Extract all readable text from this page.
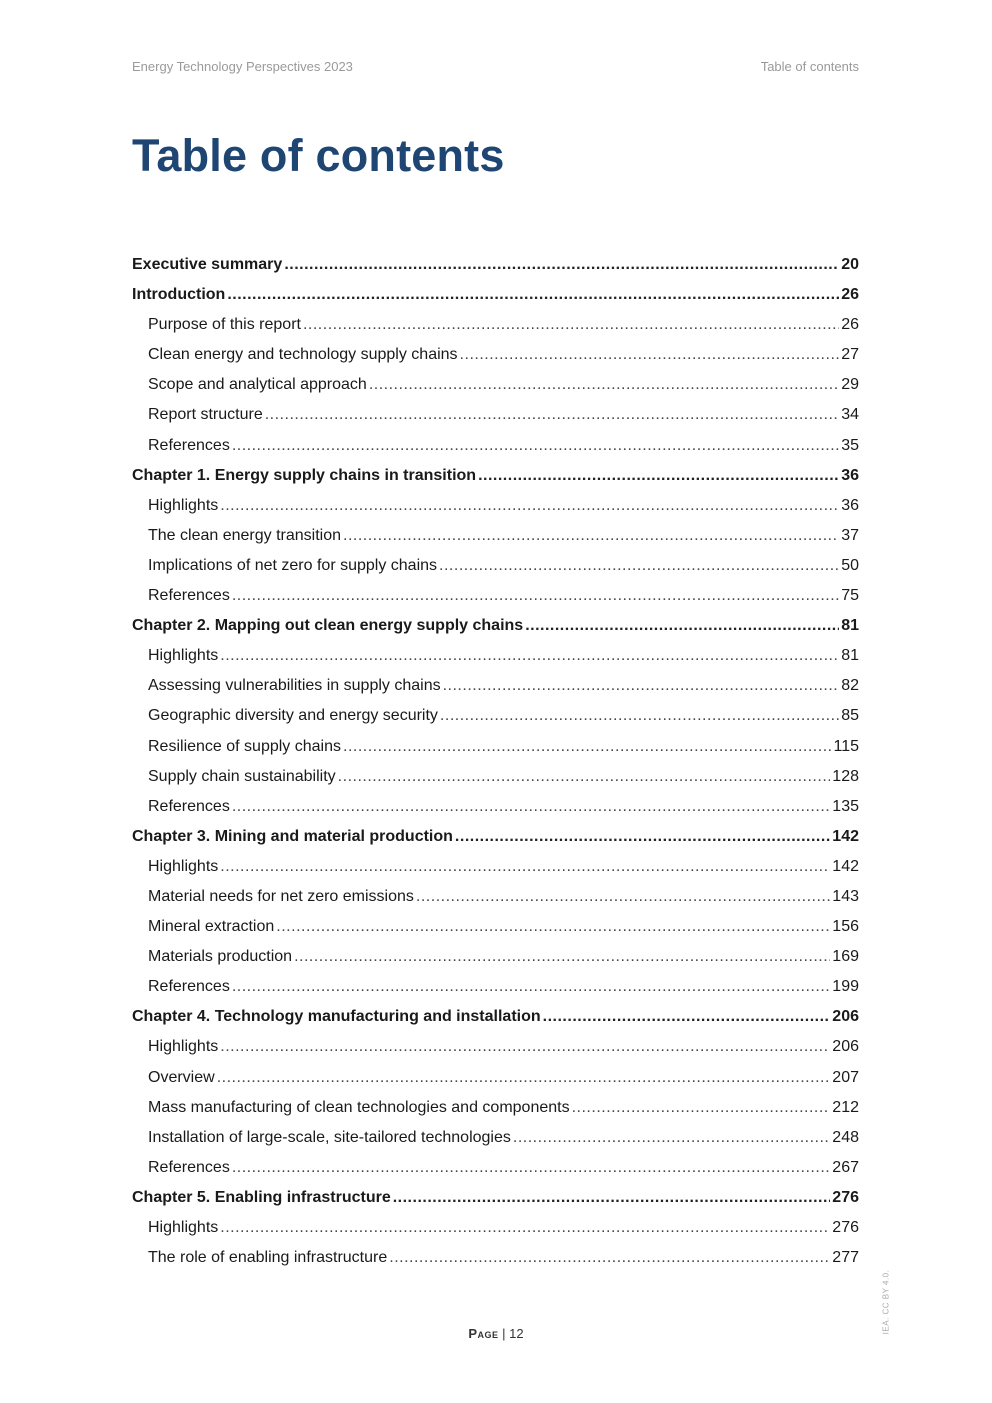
Energy Technology Perspectives 2023	Table of contents
Table of contents
Executive summary .....	20
Introduction .....	26
Purpose of this report .....	26
Clean energy and technology supply chains .....	27
Scope and analytical approach .....	29
Report structure .....	34
References .....	35
Chapter 1. Energy supply chains in transition .....	36
Highlights .....	36
The clean energy transition .....	37
Implications of net zero for supply chains .....	50
References .....	75
Chapter 2. Mapping out clean energy supply chains .....	81
Highlights .....	81
Assessing vulnerabilities in supply chains .....	82
Geographic diversity and energy security .....	85
Resilience of supply chains .....	115
Supply chain sustainability .....	128
References .....	135
Chapter 3. Mining and material production .....	142
Highlights .....	142
Material needs for net zero emissions .....	143
Mineral extraction .....	156
Materials production .....	169
References .....	199
Chapter 4. Technology manufacturing and installation .....	206
Highlights .....	206
Overview .....	207
Mass manufacturing of clean technologies and components .....	212
Installation of large-scale, site-tailored technologies .....	248
References .....	267
Chapter 5. Enabling infrastructure .....	276
Highlights .....	276
The role of enabling infrastructure .....	277
Page | 12	IEA. CC BY 4.0.
